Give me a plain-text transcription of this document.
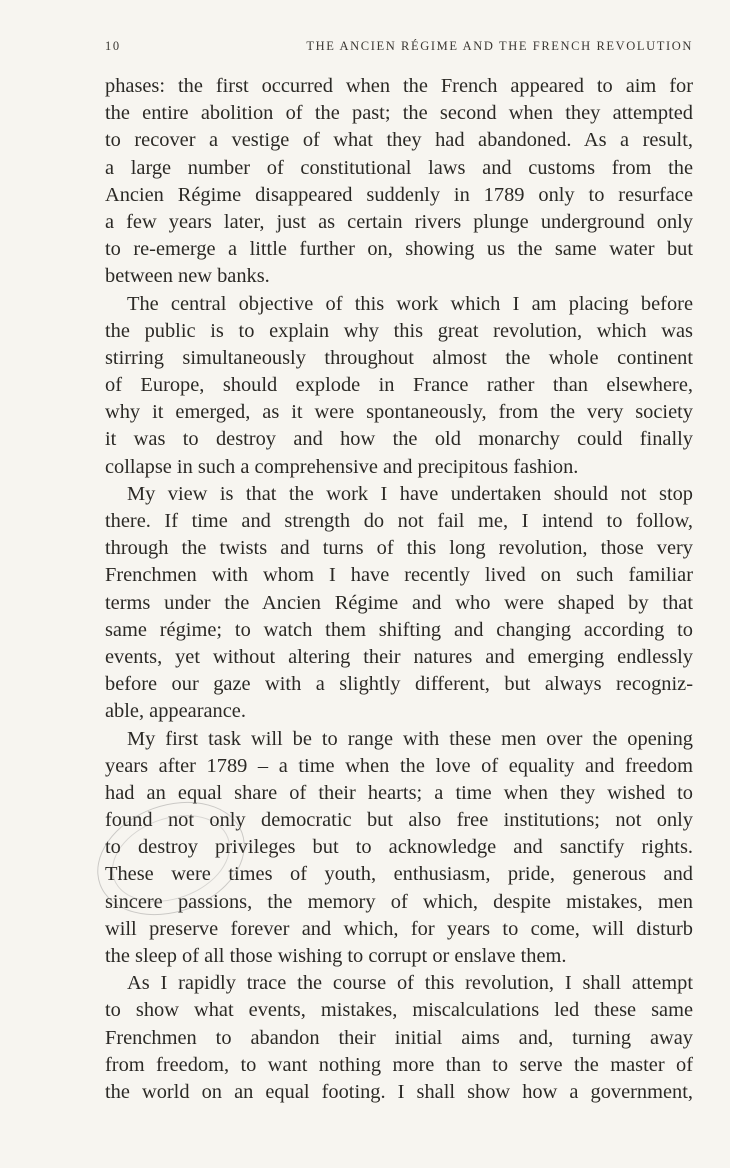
10	THE ANCIEN RÉGIME AND THE FRENCH REVOLUTION
phases: the first occurred when the French appeared to aim for
the entire abolition of the past; the second when they attempted
to recover a vestige of what they had abandoned. As a result,
a large number of constitutional laws and customs from the
Ancien Régime disappeared suddenly in 1789 only to resurface
a few years later, just as certain rivers plunge underground only
to re-emerge a little further on, showing us the same water but
between new banks.
The central objective of this work which I am placing before
the public is to explain why this great revolution, which was
stirring simultaneously throughout almost the whole continent
of Europe, should explode in France rather than elsewhere,
why it emerged, as it were spontaneously, from the very society
it was to destroy and how the old monarchy could finally
collapse in such a comprehensive and precipitous fashion.
My view is that the work I have undertaken should not stop
there. If time and strength do not fail me, I intend to follow,
through the twists and turns of this long revolution, those very
Frenchmen with whom I have recently lived on such familiar
terms under the Ancien Régime and who were shaped by that
same régime; to watch them shifting and changing according to
events, yet without altering their natures and emerging endlessly
before our gaze with a slightly different, but always recogniz-
able, appearance.
My first task will be to range with these men over the opening
years after 1789 – a time when the love of equality and freedom
had an equal share of their hearts; a time when they wished to
found not only democratic but also free institutions; not only
to destroy privileges but to acknowledge and sanctify rights.
These were times of youth, enthusiasm, pride, generous and
sincere passions, the memory of which, despite mistakes, men
will preserve forever and which, for years to come, will disturb
the sleep of all those wishing to corrupt or enslave them.
As I rapidly trace the course of this revolution, I shall attempt
to show what events, mistakes, miscalculations led these same
Frenchmen to abandon their initial aims and, turning away
from freedom, to want nothing more than to serve the master of
the world on an equal footing. I shall show how a government,
